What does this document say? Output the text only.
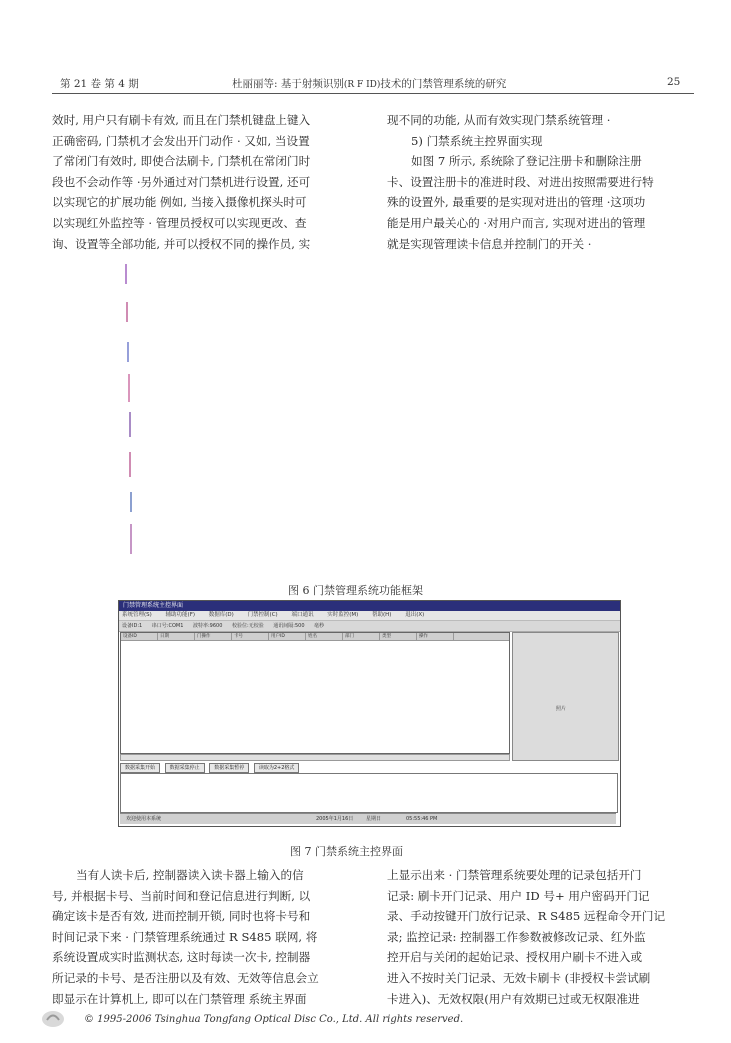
第 21 卷 第 4 期	杜丽丽等: 基于射频识别(R F ID)技术的门禁管理系统的研究	25

效时, 用户只有刷卡有效, 而且在门禁机键盘上键入

正确密码, 门禁机才会发出开门动作 · 又如, 当设置

了常闭门有效时, 即使合法刷卡, 门禁机在常闭门时

段也不会动作等 ·另外通过对门禁机进行设置, 还可

以实现它的扩展功能 例如, 当接入摄像机探头时可

以实现红外监控等 · 管理员授权可以实现更改、查

询、设置等全部功能, 并可以授权不同的操作员, 实

现不同的功能, 从而有效实现门禁系统管理 ·

5) 门禁系统主控界面实现

如图 7 所示, 系统除了登记注册卡和删除注册

卡、设置注册卡的准进时段、对进出按照需要进行特

殊的设置外, 最重要的是实现对进出的管理 ·这项功

能是用户最关心的 ·对用户而言, 实现对进出的管理

就是实现管理读卡信息并控制门的开关 ·

图 6 门禁管理系统功能框架
门禁管理系统主控界面
系统管理(S)	辅助功能(F)	数据库(D)	门禁控制(C)	端口通讯	实时监控(M)	帮助(H)	退出(X)
设备ID:1 串口号:COM1 波特率:9600 校验位:无校验 通讯间隔:500 毫秒
设备ID	日期	门操作	卡号	用户ID	姓名	部门	类型	操作
照片
数据采集开始	数据采集停止	数据采集暂停	读取为2+2格式
欢迎使用本系统	2005年1月16日	星期日	05:55:46 PM
图 7 门禁系统主控界面

当有人读卡后, 控制器读入读卡器上输入的信

号, 并根据卡号、当前时间和登记信息进行判断, 以

确定该卡是否有效, 进而控制开锁, 同时也将卡号和

时间记录下来 · 门禁管理系统通过 R S485 联网, 将

系统设置成实时监测状态, 这时每读一次卡, 控制器

所记录的卡号、是否注册以及有效、无效等信息会立

即显示在计算机上, 即可以在门禁管理 系统主界面

上显示出来 · 门禁管理系统要处理的记录包括开门

记录: 刷卡开门记录、用户 ID 号+ 用户密码开门记

录、手动按键开门放行记录、R S485 远程命令开门记

录; 监控记录: 控制器工作参数被修改记录、红外监

控开启与关闭的起始记录、授权用户刷卡不进入或

进入不按时关门记录、无效卡刷卡 (非授权卡尝试刷

卡进入)、无效权限(用户有效期已过或无权限准进

© 1995-2006 Tsinghua Tongfang Optical Disc Co., Ltd. All rights reserved.
